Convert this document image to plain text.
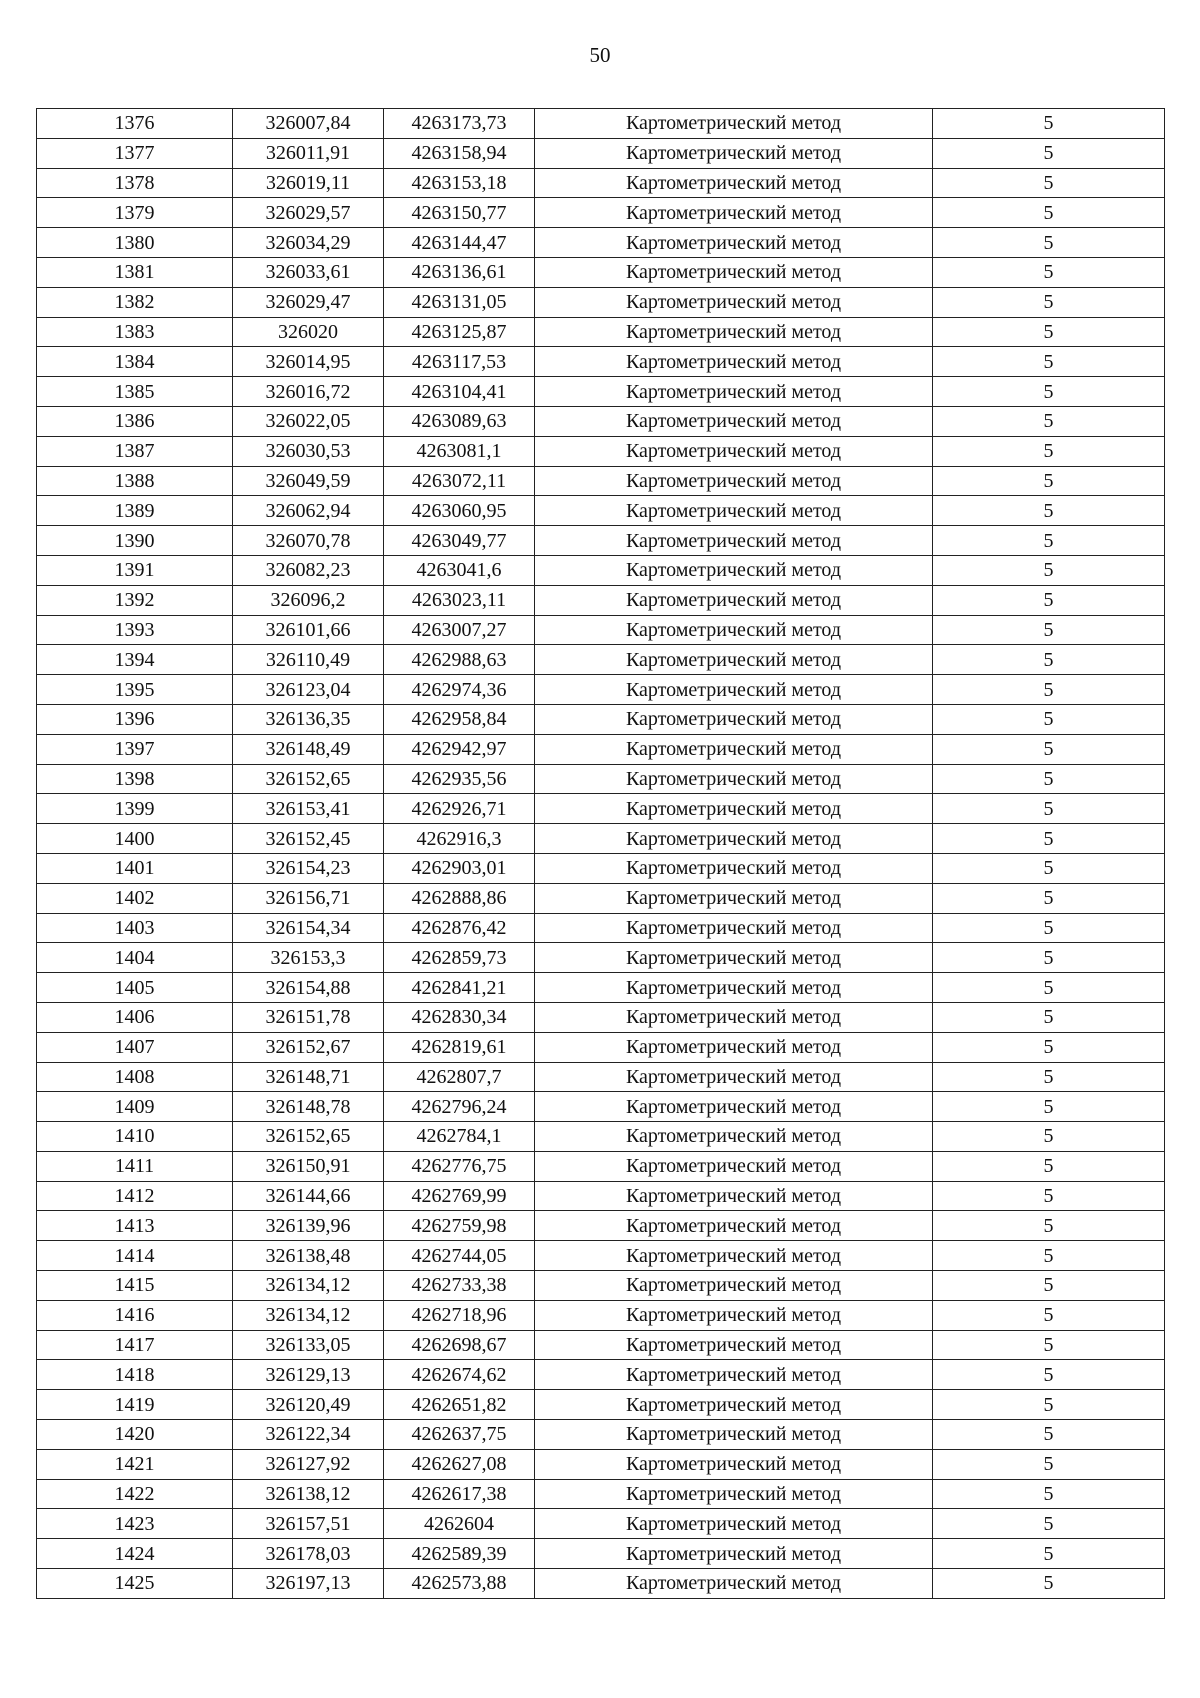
50
1376	326007,84	4263173,73	Картометрический метод	5
1377	326011,91	4263158,94	Картометрический метод	5
1378	326019,11	4263153,18	Картометрический метод	5
1379	326029,57	4263150,77	Картометрический метод	5
1380	326034,29	4263144,47	Картометрический метод	5
1381	326033,61	4263136,61	Картометрический метод	5
1382	326029,47	4263131,05	Картометрический метод	5
1383	326020	4263125,87	Картометрический метод	5
1384	326014,95	4263117,53	Картометрический метод	5
1385	326016,72	4263104,41	Картометрический метод	5
1386	326022,05	4263089,63	Картометрический метод	5
1387	326030,53	4263081,1	Картометрический метод	5
1388	326049,59	4263072,11	Картометрический метод	5
1389	326062,94	4263060,95	Картометрический метод	5
1390	326070,78	4263049,77	Картометрический метод	5
1391	326082,23	4263041,6	Картометрический метод	5
1392	326096,2	4263023,11	Картометрический метод	5
1393	326101,66	4263007,27	Картометрический метод	5
1394	326110,49	4262988,63	Картометрический метод	5
1395	326123,04	4262974,36	Картометрический метод	5
1396	326136,35	4262958,84	Картометрический метод	5
1397	326148,49	4262942,97	Картометрический метод	5
1398	326152,65	4262935,56	Картометрический метод	5
1399	326153,41	4262926,71	Картометрический метод	5
1400	326152,45	4262916,3	Картометрический метод	5
1401	326154,23	4262903,01	Картометрический метод	5
1402	326156,71	4262888,86	Картометрический метод	5
1403	326154,34	4262876,42	Картометрический метод	5
1404	326153,3	4262859,73	Картометрический метод	5
1405	326154,88	4262841,21	Картометрический метод	5
1406	326151,78	4262830,34	Картометрический метод	5
1407	326152,67	4262819,61	Картометрический метод	5
1408	326148,71	4262807,7	Картометрический метод	5
1409	326148,78	4262796,24	Картометрический метод	5
1410	326152,65	4262784,1	Картометрический метод	5
1411	326150,91	4262776,75	Картометрический метод	5
1412	326144,66	4262769,99	Картометрический метод	5
1413	326139,96	4262759,98	Картометрический метод	5
1414	326138,48	4262744,05	Картометрический метод	5
1415	326134,12	4262733,38	Картометрический метод	5
1416	326134,12	4262718,96	Картометрический метод	5
1417	326133,05	4262698,67	Картометрический метод	5
1418	326129,13	4262674,62	Картометрический метод	5
1419	326120,49	4262651,82	Картометрический метод	5
1420	326122,34	4262637,75	Картометрический метод	5
1421	326127,92	4262627,08	Картометрический метод	5
1422	326138,12	4262617,38	Картометрический метод	5
1423	326157,51	4262604	Картометрический метод	5
1424	326178,03	4262589,39	Картометрический метод	5
1425	326197,13	4262573,88	Картометрический метод	5
